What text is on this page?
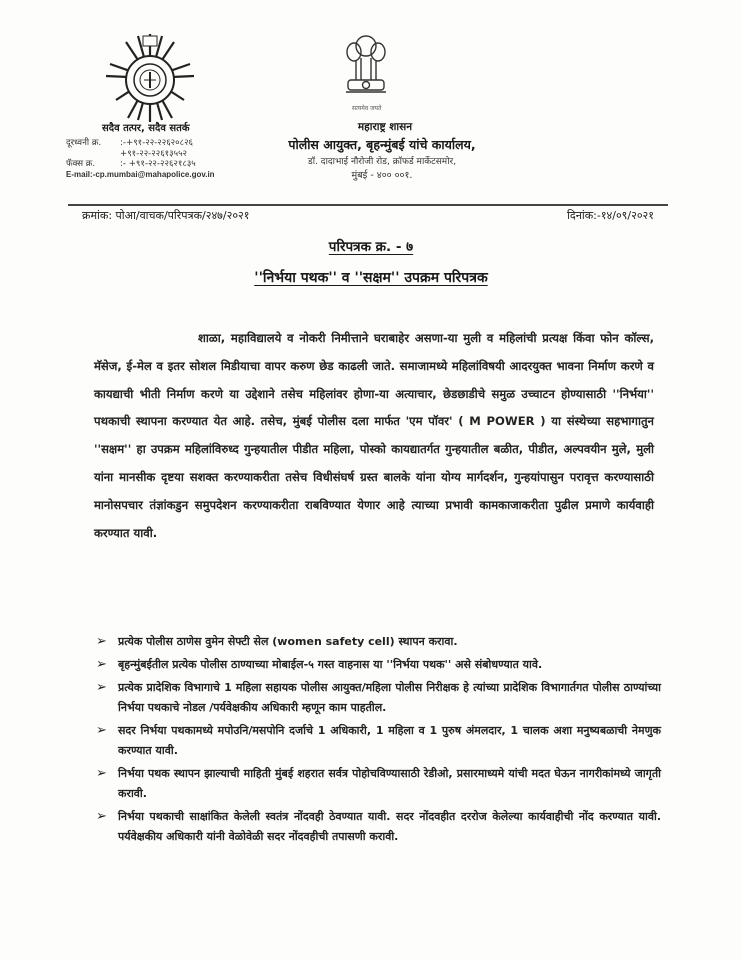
सत्यमेव जयते
सदैव तत्पर, सदैव सतर्क
दूरध्वनी क्र. :-+९१-२२-२२६२०८२६
+९१-२२-२२६१३५५२
फॅक्स क्र.	:- +९१-२२-२२६२१८३५
E-mail:-cp.mumbai@mahapolice.gov.in
महाराष्ट्र शासन
पोलीस आयुक्त, बृहन्मुंबई यांचे कार्यालय,
डॉ. दादाभाई नौरोजी रोड, क्रॉफर्ड मार्केटसमोर,
मुंबई - ४०० ००१.
क्रमांक: पोआ/वाचक/परिपत्रक/२४७/२०२१	दिनांक:-१४/०९/२०२१
परिपत्रक क्र. - ७
''निर्भया पथक'' व ''सक्षम'' उपक्रम परिपत्रक
शाळा, महाविद्यालये व नोकरी निमीत्ताने घराबाहेर असणा-या मुली व महिलांची प्रत्यक्ष किंवा फोन कॉल्स, मॅसेज, ई-मेल व इतर सोशल मिडीयाचा वापर करुण छेड काढली जाते. समाजामध्ये महिलांविषयी आदरयुक्त भावना निर्माण करणे व कायद्याची भीती निर्माण करणे या उद्देशाने तसेच महिलांवर होणा-या अत्याचार, छेडछाडीचे समुळ उच्चाटन होण्यासाठी ''निर्भया'' पथकाची स्थापना करण्यात येत आहे. तसेच, मुंबई पोलीस दला मार्फत 'एम पॉवर' ( M POWER ) या संस्थेच्या सहभागातुन ''सक्षम'' हा उपक्रम महिलांविरुध्द गुन्हयातील पीडीत महिला, पोस्को कायद्यातर्गत गुन्हयातील बळीत, पीडीत, अल्पवयीन मुले, मुली यांना मानसीक दृष्टया सशक्त करण्याकरीता तसेच विधीसंघर्ष ग्रस्त बालके यांना योग्य मार्गदर्शन, गुन्हयांपासुन परावृत्त करण्यासाठी मानोसपचार तंज्ञांकडुन समुपदेशन करण्याकरीता राबविण्यात येणार आहे त्याच्या प्रभावी कामकाजाकरीता पुढील प्रमाणे कार्यवाही करण्यात यावी.
➢ प्रत्येक पोलीस ठाणेस वुमेन सेफ्टी सेल (women safety cell) स्थापन करावा.
➢ बृहन्मुंबईतील प्रत्येक पोलीस ठाण्याच्या मोबाईल-५ गस्त वाहनास या ''निर्भया पथक'' असे संबोधण्यात यावे.
➢ प्रत्येक प्रादेशिक विभागाचे 1 महिला सहायक पोलीस आयुक्त/महिला पोलीस निरीक्षक हे त्यांच्या प्रादेशिक विभागार्तगत पोलीस ठाण्यांच्या निर्भया पथकाचे नोडल /पर्यवेक्षकीय अधिकारी म्हणून काम पाहतील.
➢ सदर निर्भया पथकामध्ये मपोउनि/मसपोनि दर्जाचे 1 अधिकारी, 1 महिला व 1 पुरुष अंमलदार, 1 चालक अशा मनुष्यबळाची नेमणुक करण्यात यावी.
➢ निर्भया पथक स्थापन झाल्याची माहिती मुंबई शहरात सर्वत्र पोहोचविण्यासाठी रेडीओ, प्रसारमाध्यमे यांची मदत घेऊन नागरीकांमध्ये जागृती करावी.
➢ निर्भया पथकाची साक्षांकित केलेली स्वतंत्र नोंदवही ठेवण्यात यावी. सदर नोंदवहीत दररोज केलेल्या कार्यवाहीची नोंद करण्यात यावी. पर्यवेक्षकीय अधिकारी यांनी वेळोवेळी सदर नोंदवहीची तपासणी करावी.
